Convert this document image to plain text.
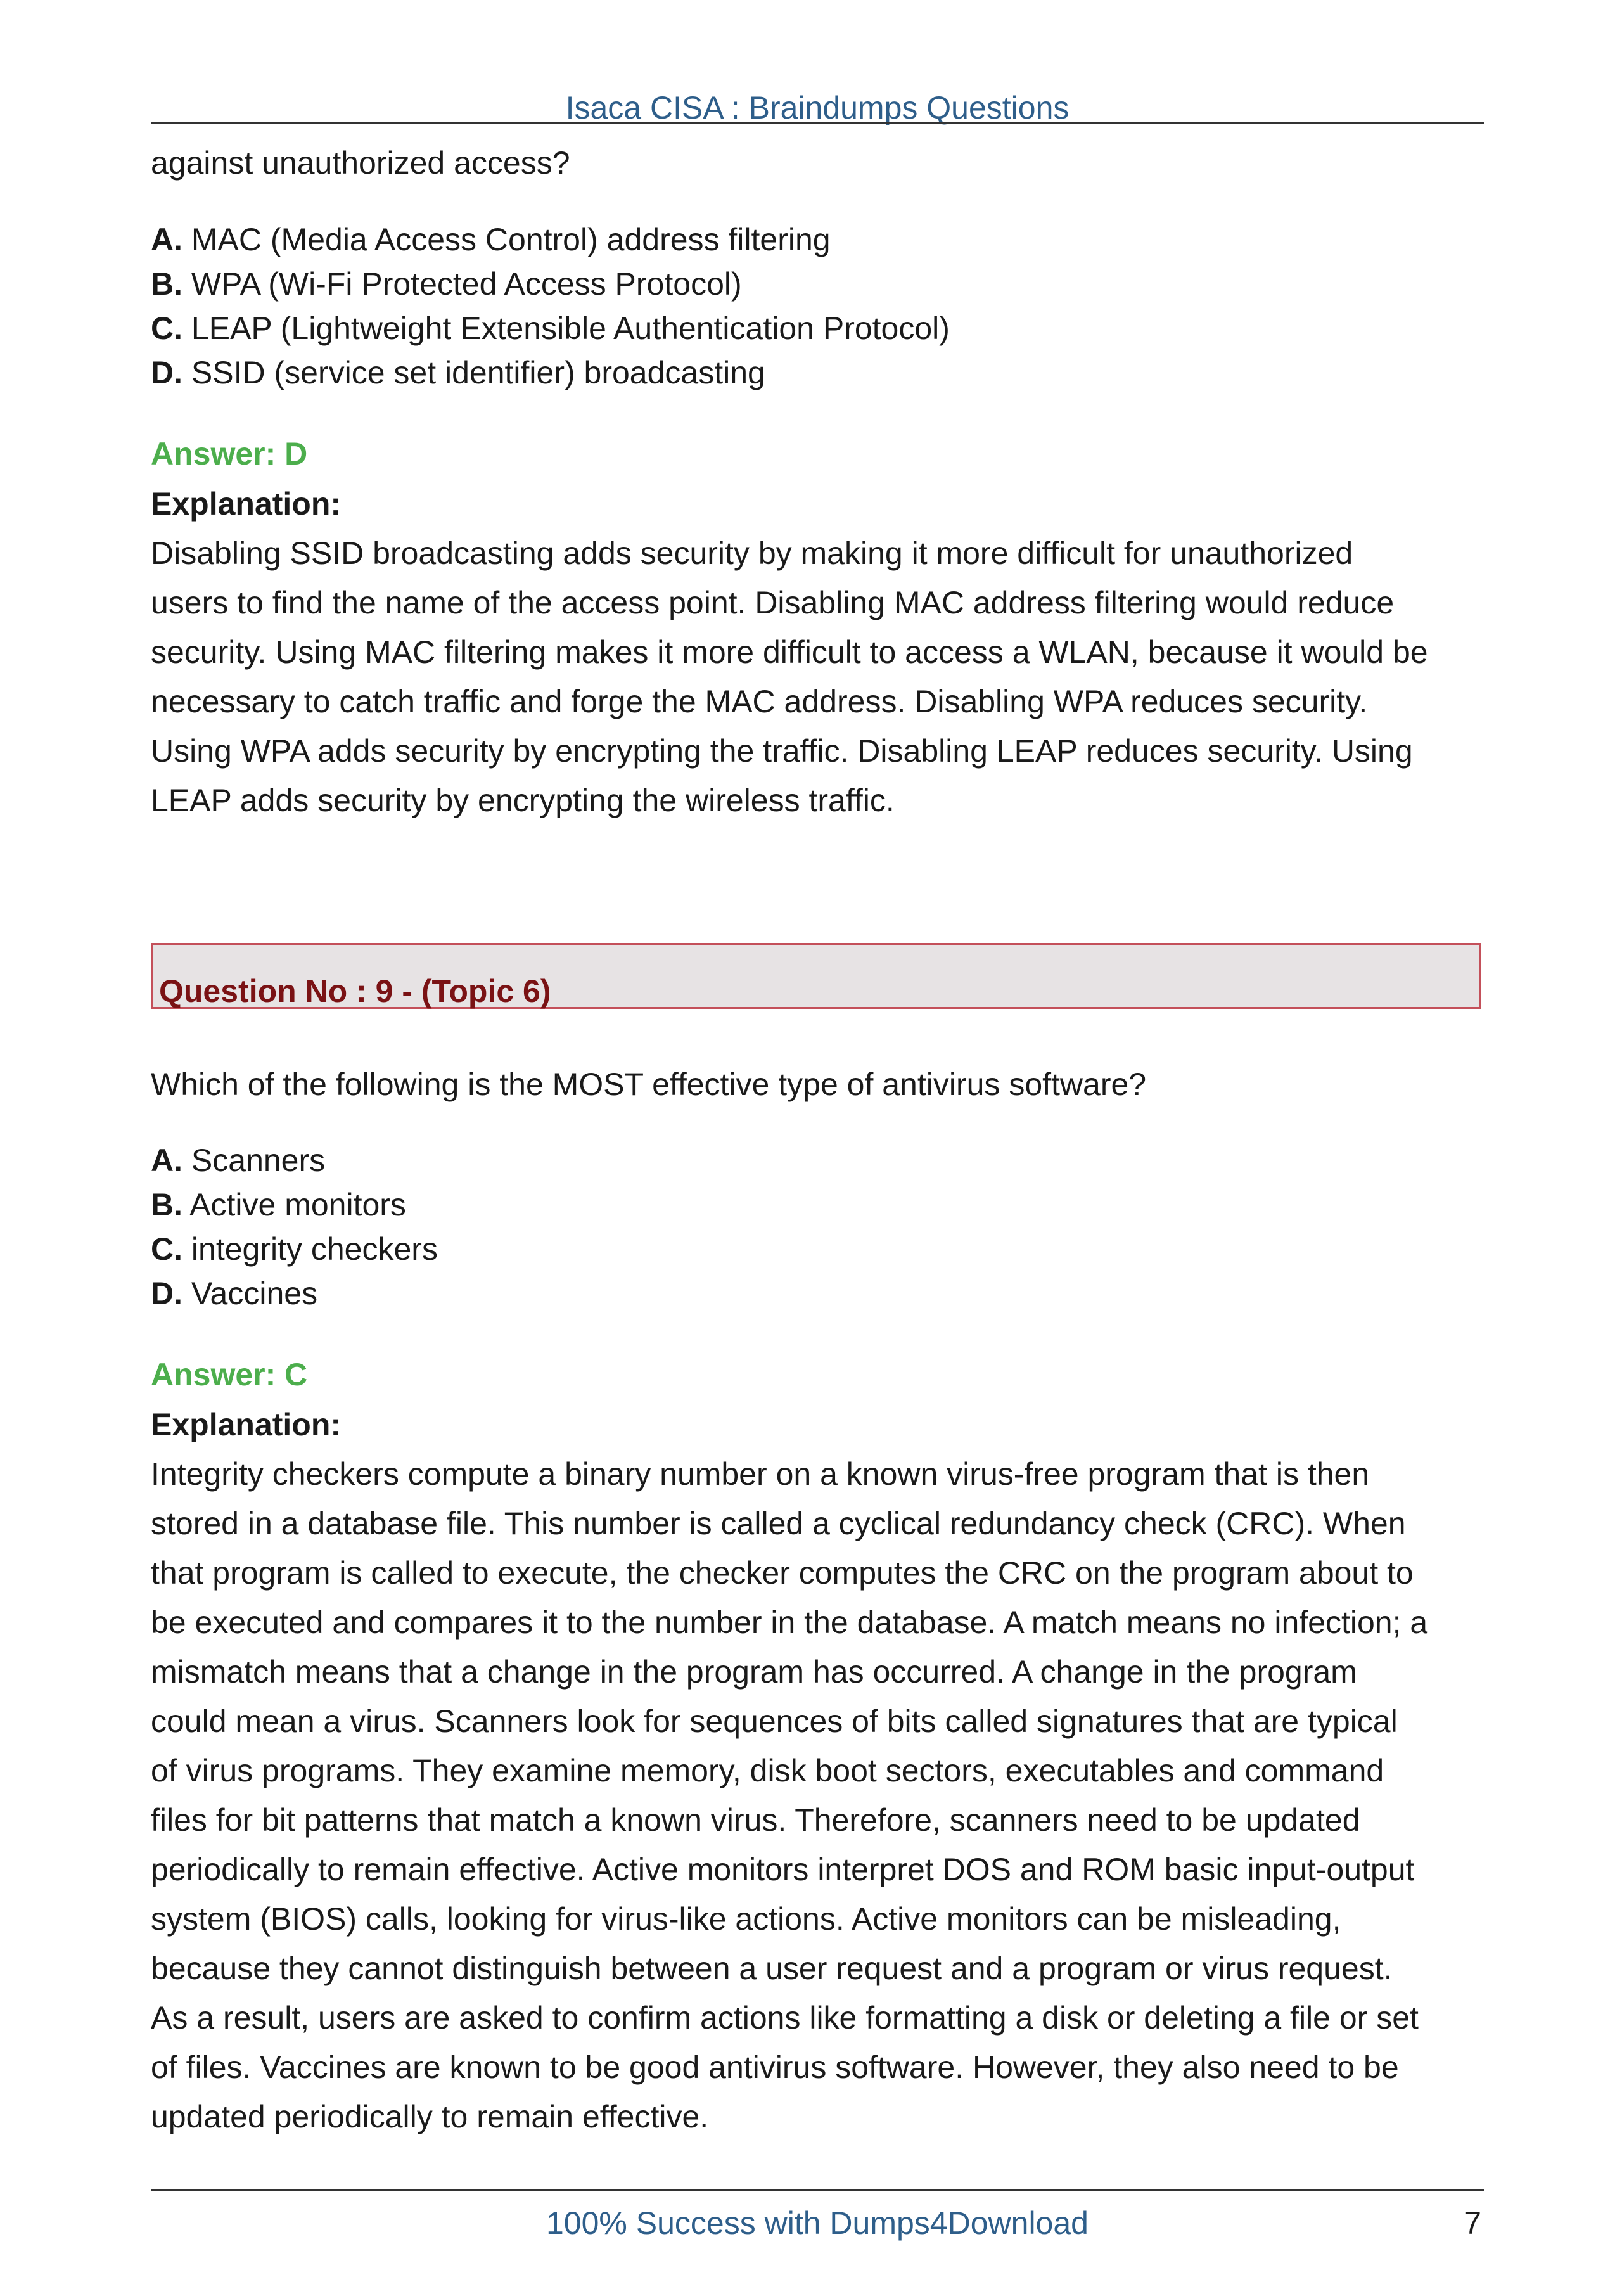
Isaca CISA : Braindumps Questions
against unauthorized access?
A. MAC (Media Access Control) address filtering
B. WPA (Wi-Fi Protected Access Protocol)
C. LEAP (Lightweight Extensible Authentication Protocol)
D. SSID (service set identifier) broadcasting
Answer: D
Explanation:
Disabling SSID broadcasting adds security by making it more difficult for unauthorized
users to find the name of the access point. Disabling MAC address filtering would reduce
security. Using MAC filtering makes it more difficult to access a WLAN, because it would be
necessary to catch traffic and forge the MAC address. Disabling WPA reduces security.
Using WPA adds security by encrypting the traffic. Disabling LEAP reduces security. Using
LEAP adds security by encrypting the wireless traffic.
Question No : 9 - (Topic 6)
Which of the following is the MOST effective type of antivirus software?
A. Scanners
B. Active monitors
C. integrity checkers
D. Vaccines
Answer: C
Explanation:
Integrity checkers compute a binary number on a known virus-free program that is then
stored in a database file. This number is called a cyclical redundancy check (CRC). When
that program is called to execute, the checker computes the CRC on the program about to
be executed and compares it to the number in the database. A match means no infection; a
mismatch means that a change in the program has occurred. A change in the program
could mean a virus. Scanners look for sequences of bits called signatures that are typical
of virus programs. They examine memory, disk boot sectors, executables and command
files for bit patterns that match a known virus. Therefore, scanners need to be updated
periodically to remain effective. Active monitors interpret DOS and ROM basic input-output
system (BIOS) calls, looking for virus-like actions. Active monitors can be misleading,
because they cannot distinguish between a user request and a program or virus request.
As a result, users are asked to confirm actions like formatting a disk or deleting a file or set
of files. Vaccines are known to be good antivirus software. However, they also need to be
updated periodically to remain effective.
100% Success with Dumps4Download	7
